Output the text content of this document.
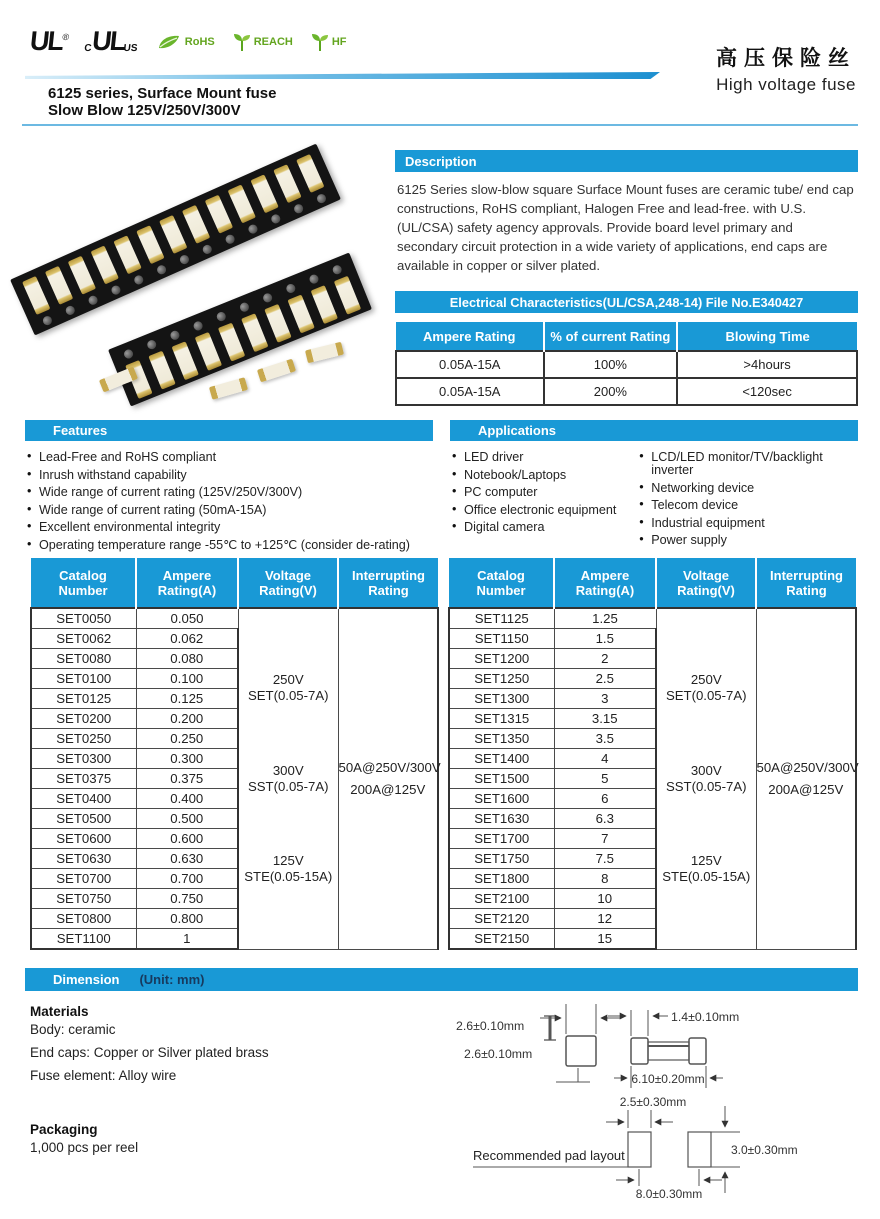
UL®
C
UL
US
RoHS	REACH	HF
高压保险丝
High voltage fuse
6125 series, Surface Mount fuse
Slow Blow 125V/250V/300V
Description

6125 Series slow-blow square Surface Mount fuses are ceramic tube/ end cap constructions, RoHS compliant, Halogen Free and lead-free. with U.S. (UL/CSA) safety agency approvals. Provide board level primary and secondary circuit protection in a wide variety of applications, end caps are available in copper or silver plated.

Electrical Characteristics(UL/CSA,248-14) File No.E340427
Ampere Rating	% of current Rating	Blowing Time
0.05A-15A	100%	>4hours
0.05A-15A	200%	<120sec
Features
• Lead-Free and RoHS compliant
• Inrush withstand capability
• Wide range of current rating (125V/250V/300V)
• Wide range of current rating (50mA-15A)
• Excellent environmental integrity
• Operating temperature range -55℃ to +125℃ (consider de-rating)
Applications
• LED driver
• Notebook/Laptops
• PC computer
• Office electronic equipment
• Digital camera
• LCD/LED monitor/TV/backlight inverter
• Networking device
• Telecom device
• Industrial equipment
• Power supply
Catalog
Number

Ampere
Rating(A)

Voltage
Rating(V)

Interrupting
Rating

SET0050	0.050	
250V
SET(0.05-7A)
300V
SST(0.05-7A)
125V
STE(0.05-15A)

50A@250V/300V
200A@125V

SET0062	0.062		
SET0080	0.080		
SET0100	0.100		
SET0125	0.125		
SET0200	0.200		
SET0250	0.250		
SET0300	0.300		
SET0375	0.375		
SET0400	0.400		
SET0500	0.500		
SET0600	0.600		
SET0630	0.630		
SET0700	0.700		
SET0750	0.750		
SET0800	0.800		
SET1100	1		
Catalog
Number

Ampere
Rating(A)

Voltage
Rating(V)

Interrupting
Rating

SET1125	1.25	
250V
SET(0.05-7A)
300V
SST(0.05-7A)
125V
STE(0.05-15A)

50A@250V/300V
200A@125V

SET1150	1.5		
SET1200	2		
SET1250	2.5		
SET1300	3		
SET1315	3.15		
SET1350	3.5		
SET1400	4		
SET1500	5		
SET1600	6		
SET1630	6.3		
SET1700	7		
SET1750	7.5		
SET1800	8		
SET2100	10		
SET2120	12		
SET2150	15		
Dimension (Unit: mm)
Materials
Body: ceramic
End caps: Copper or Silver plated brass
Fuse element: Alloy wire
Packaging
1,000 pcs per reel
2.6±0.10mm
2.6±0.10mm
1.4±0.10mm
6.10±0.20mm
2.5±0.30mm
Recommended pad layout	3.0±0.30mm
8.0±0.30mm
